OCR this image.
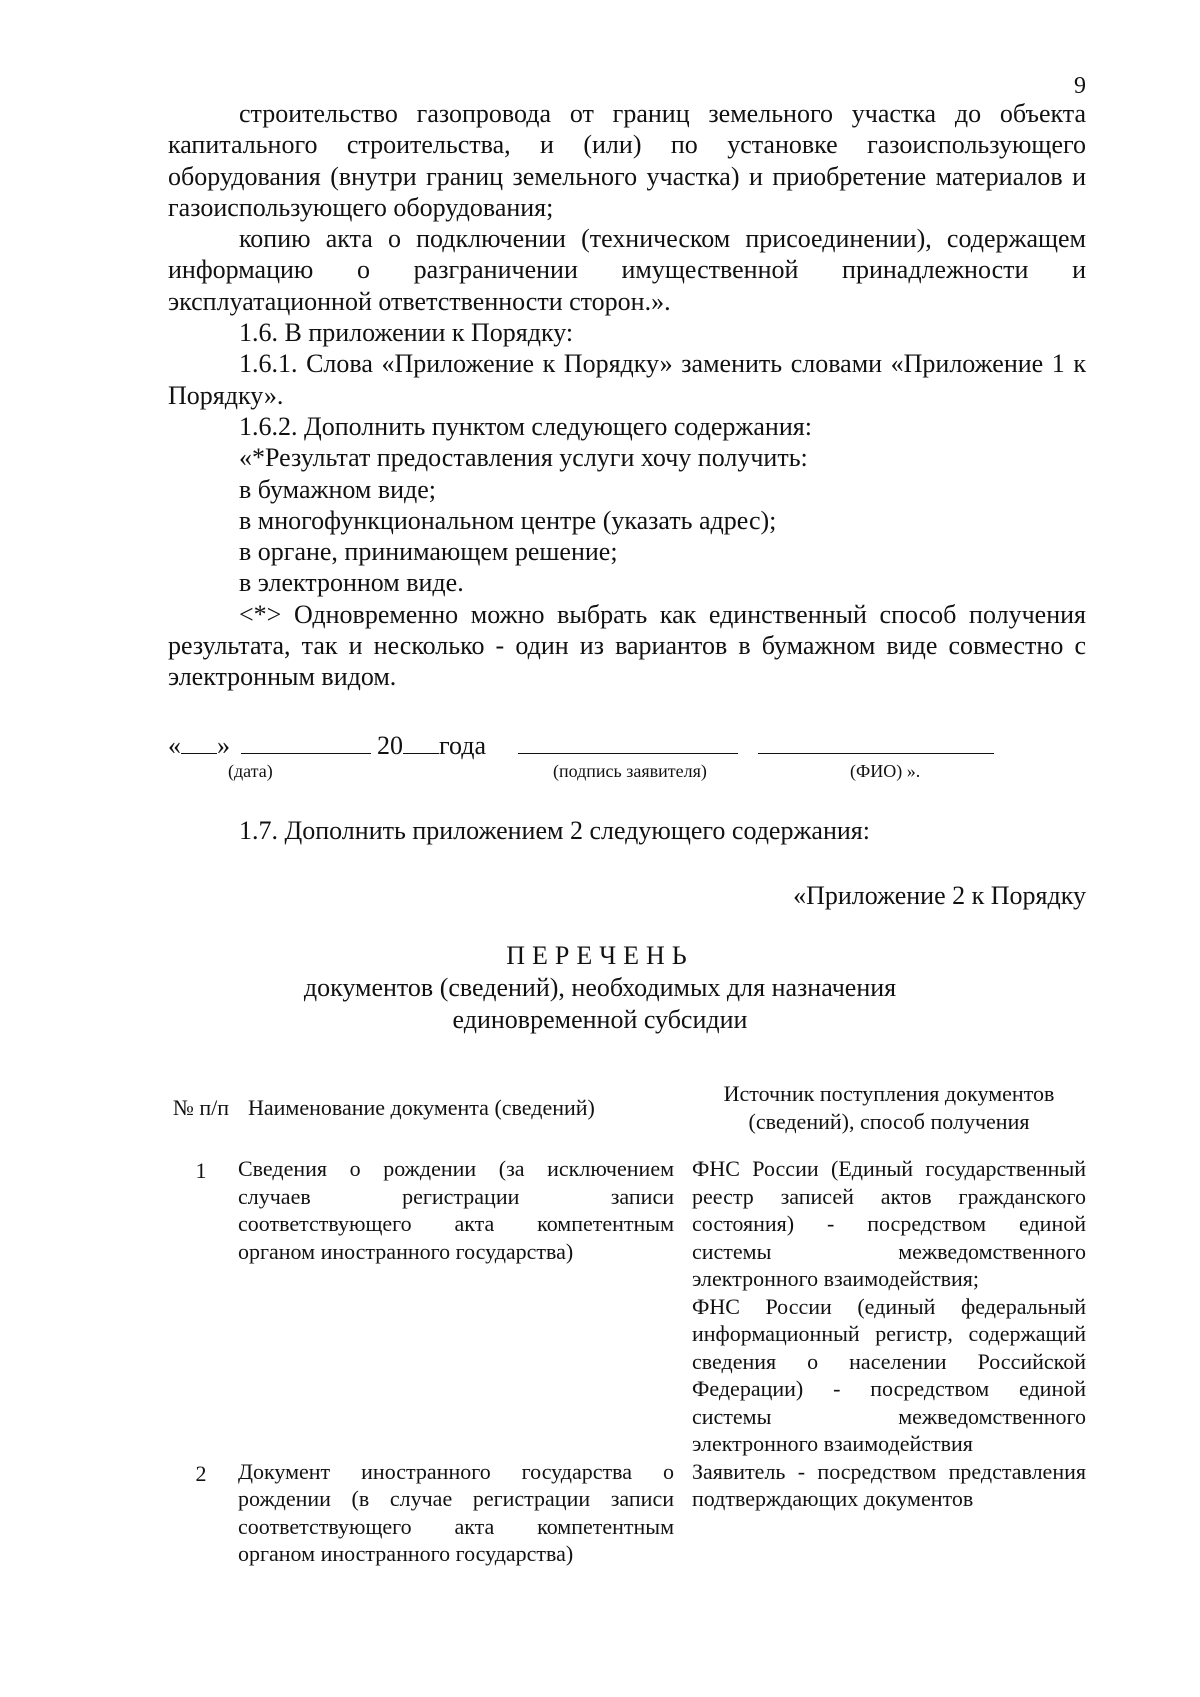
9

строительство газопровода от границ земельного участка до объекта капитального строительства, и (или) по установке газоиспользующего оборудования (внутри границ земельного участка) и приобретение материалов и газоиспользующего оборудования;

копию акта о подключении (техническом присоединении), содержащем информацию о разграничении имущественной принадлежности и эксплуатационной ответственности сторон.».

1.6. В приложении к Порядку:

1.6.1. Слова «Приложение к Порядку» заменить словами «Приложение 1 к Порядку».

1.6.2. Дополнить пунктом следующего содержания:

«*Результат предоставления услуги хочу получить:

в бумажном виде;

в многофункциональном центре (указать адрес);

в органе, принимающем решение;

в электронном виде.

<*> Одновременно можно выбрать как единственный способ получения результата, так и несколько - один из вариантов в бумажном виде совместно с электронным видом.

« »	20 года
(дата)	(подпись заявителя)	(ФИО) ».
1.7. Дополнить приложением 2 следующего содержания:
«Приложение 2 к Порядку
ПЕРЕЧЕНЬ
документов (сведений), необходимых для назначения
единовременной субсидии
№ п/п	Наименование документа (сведений)	Источник поступления документов (сведений), способ получения
1	Сведения о рождении (за исключением случаев регистрации записи соответствующего акта компетентным органом иностранного государства)	ФНС России (Единый государственный реестр записей актов гражданского состояния) - посредством единой системы межведомственного электронного взаимодействия;
ФНС России (единый федеральный информационный регистр, содержащий сведения о населении Российской Федерации) - посредством единой системы межведомственного электронного взаимодействия

2	Документ иностранного государства о рождении (в случае регистрации записи соответствующего акта компетентным органом иностранного государства)	Заявитель - посредством представления подтверждающих документов
